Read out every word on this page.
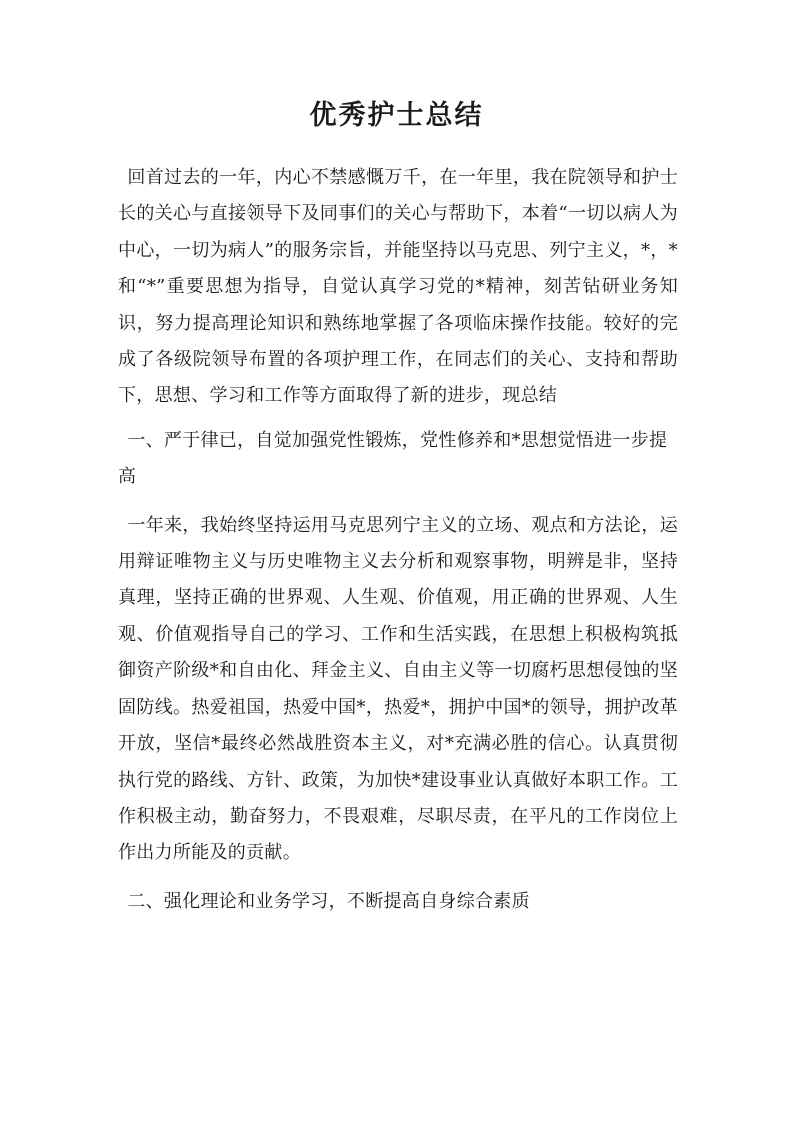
优秀护士总结

 回首过去的一年，内心不禁感慨万千，在一年里，我在院领导和护士长的关心与直接领导下及同事们的关心与帮助下，本着“一切以病人为中心，一切为病人”的服务宗旨，并能坚持以马克思、列宁主义，*，*和“*”重要思想为指导，自觉认真学习党的*精神，刻苦钻研业务知识，努力提高理论知识和熟练地掌握了各项临床操作技能。较好的完成了各级院领导布置的各项护理工作，在同志们的关心、支持和帮助下，思想、学习和工作等方面取得了新的进步，现总结

 一、严于律已，自觉加强党性锻炼，党性修养和*思想觉悟进一步提高

 一年来，我始终坚持运用马克思列宁主义的立场、观点和方法论，运用辩证唯物主义与历史唯物主义去分析和观察事物，明辨是非，坚持真理，坚持正确的世界观、人生观、价值观，用正确的世界观、人生观、价值观指导自己的学习、工作和生活实践，在思想上积极构筑抵御资产阶级*和自由化、拜金主义、自由主义等一切腐朽思想侵蚀的坚固防线。热爱祖国，热爱中国*，热爱*，拥护中国*的领导，拥护改革开放，坚信*最终必然战胜资本主义，对*充满必胜的信心。认真贯彻执行党的路线、方针、政策，为加快*建设事业认真做好本职工作。工作积极主动，勤奋努力，不畏艰难，尽职尽责，在平凡的工作岗位上作出力所能及的贡献。

 二、强化理论和业务学习，不断提高自身综合素质
